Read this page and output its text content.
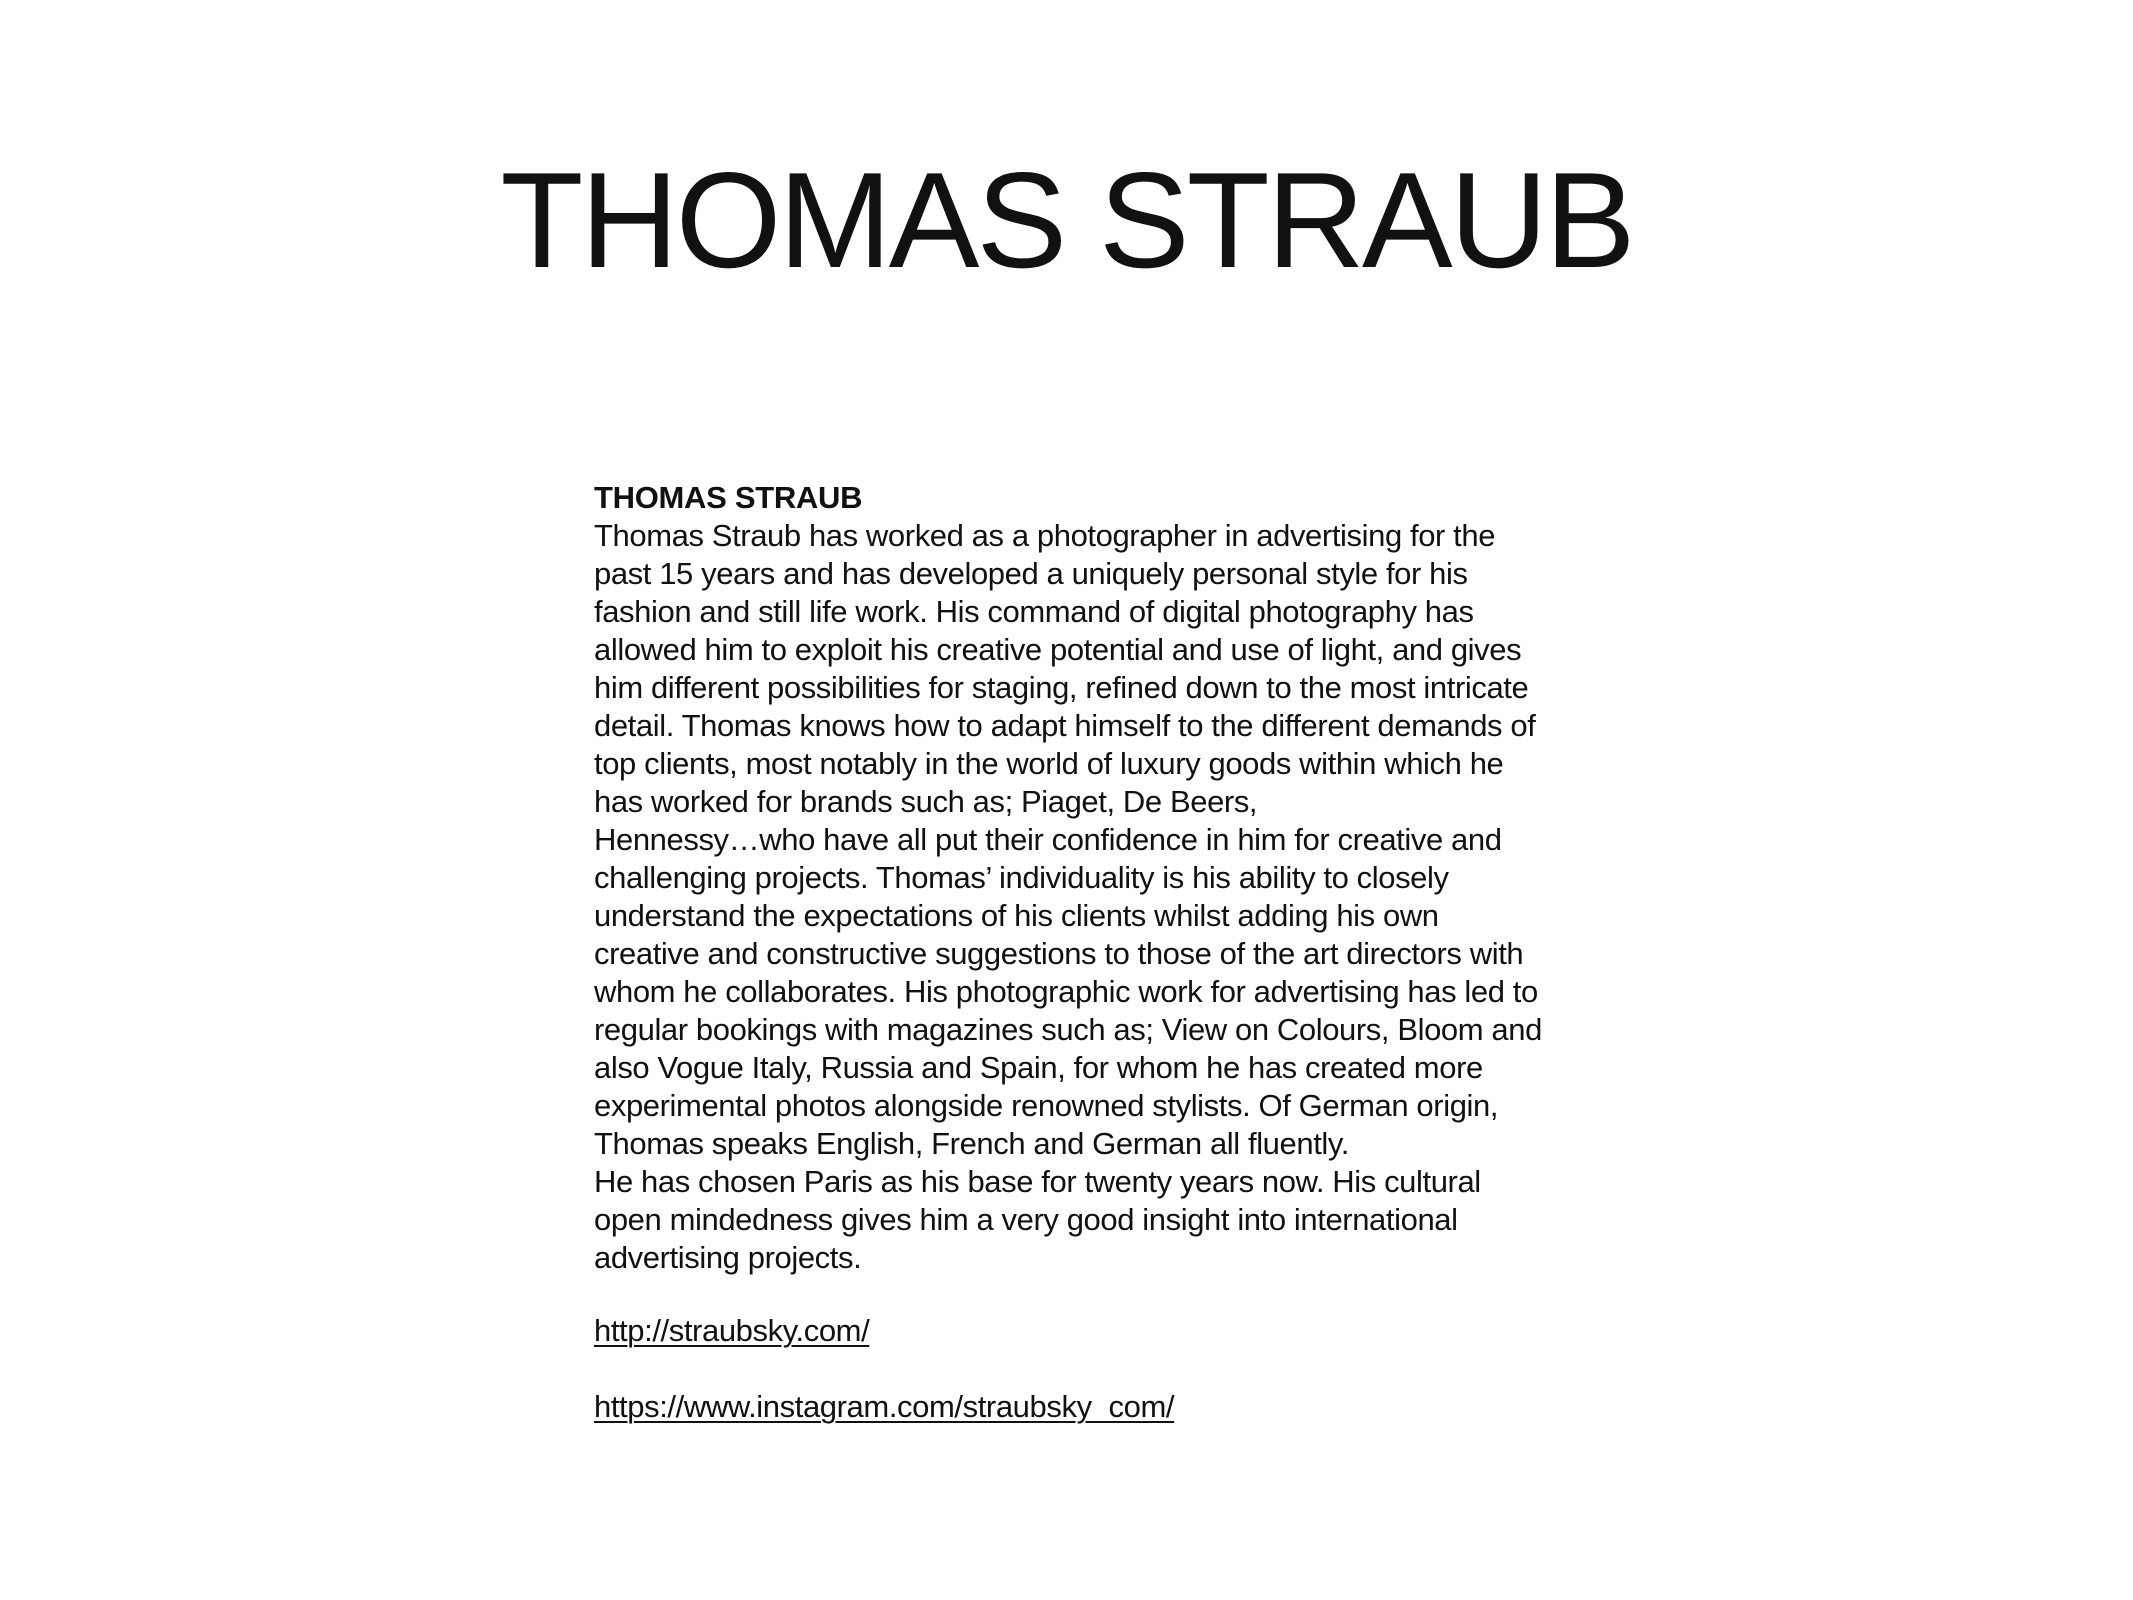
THOMAS STRAUB
THOMAS STRAUB
Thomas Straub has worked as a photographer in advertising for the
past 15 years and has developed a uniquely personal style for his
fashion and still life work. His command of digital photography has
allowed him to exploit his creative potential and use of light, and gives
him different possibilities for staging, refined down to the most intricate
detail. Thomas knows how to adapt himself to the different demands of
top clients, most notably in the world of luxury goods within which he
has worked for brands such as; Piaget, De Beers,
Hennessy…who have all put their confidence in him for creative and
challenging projects. Thomas’ individuality is his ability to closely
understand the expectations of his clients whilst adding his own
creative and constructive suggestions to those of the art directors with
whom he collaborates. His photographic work for advertising has led to
regular bookings with magazines such as; View on Colours, Bloom and
also Vogue Italy, Russia and Spain, for whom he has created more
experimental photos alongside renowned stylists. Of German origin,
Thomas speaks English, French and German all fluently.
He has chosen Paris as his base for twenty years now. His cultural
open mindedness gives him a very good insight into international
advertising projects.
http://straubsky.com/
https://www.instagram.com/straubsky_com/
